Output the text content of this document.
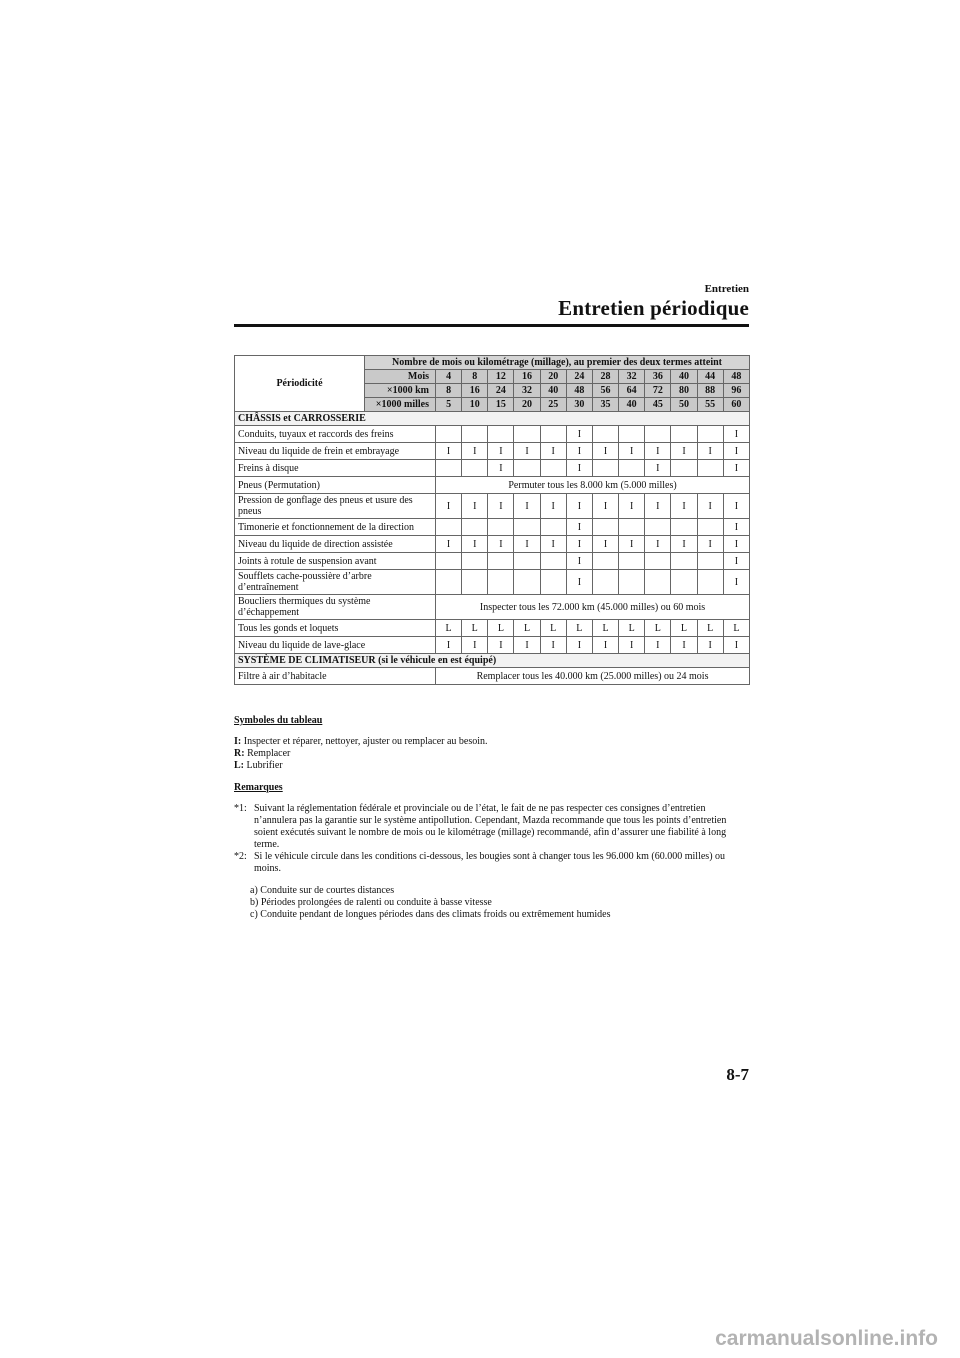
Entretien
Entretien périodique
Périodicité	Nombre de mois ou kilométrage (millage), au premier des deux termes atteint												
	Mois	4	8	12	16	20	24	28	32	36	40	44	48
	×1000 km	8	16	24	32	40	48	56	64	72	80	88	96
	×1000 milles	5	10	15	20	25	30	35	40	45	50	55	60
CHÂSSIS et CARROSSERIE													
Conduits, tuyaux et raccords des freins							I						I
Niveau du liquide de frein et embrayage		I	I	I	I	I	I	I	I	I	I	I	I
Freins à disque				I			I			I			I
Pneus (Permutation)		Permuter tous les 8.000 km (5.000 milles)											
Pression de gonflage des pneus et usure des pneus		I	I	I	I	I	I	I	I	I	I	I	I
Timonerie et fonctionnement de la direction							I						I
Niveau du liquide de direction assistée		I	I	I	I	I	I	I	I	I	I	I	I
Joints à rotule de suspension avant							I						I
Soufflets cache-poussière d’arbre d’entraînement							I						I
Boucliers thermiques du système d’échappement		Inspecter tous les 72.000 km (45.000 milles) ou 60 mois											
Tous les gonds et loquets		L	L	L	L	L	L	L	L	L	L	L	L
Niveau du liquide de lave-glace		I	I	I	I	I	I	I	I	I	I	I	I
SYSTÈME DE CLIMATISEUR (si le véhicule en est équipé)													
Filtre à air d’habitacle		Remplacer tous les 40.000 km (25.000 milles) ou 24 mois											
Symboles du tableau
I: Inspecter et réparer, nettoyer, ajuster ou remplacer au besoin.
R: Remplacer
L: Lubrifier
Remarques
*1: Suivant la réglementation fédérale et provinciale ou de l’état, le fait de ne pas respecter ces consignes d’entretien n’annulera pas la garantie sur le système antipollution. Cependant, Mazda recommande que tous les points d’entretien soient exécutés suivant le nombre de mois ou le kilométrage (millage) recommandé, afin d’assurer une fiabilité à long terme.
*2: Si le véhicule circule dans les conditions ci-dessous, les bougies sont à changer tous les 96.000 km (60.000 milles) ou moins.
a) Conduite sur de courtes distances
b) Périodes prolongées de ralenti ou conduite à basse vitesse
c) Conduite pendant de longues périodes dans des climats froids ou extrêmement humides
8-7
carmanualsonline.info
